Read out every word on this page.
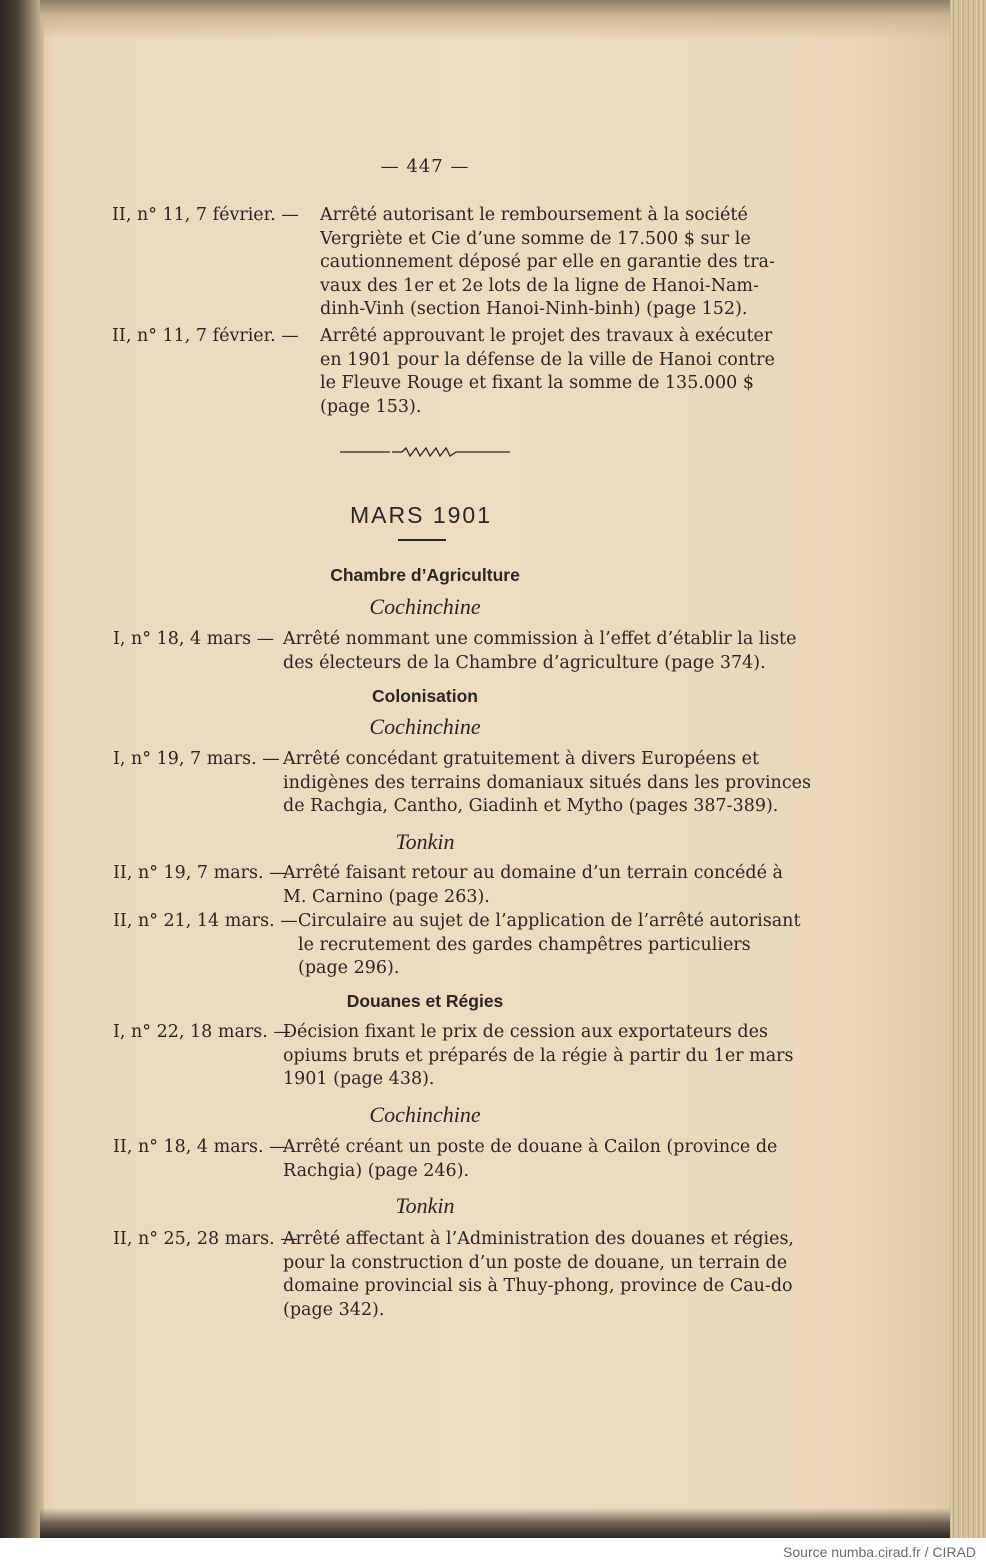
— 447 —
II, n° 11, 7 février. — Arrêté autorisant le remboursement à la société
Vergriète et Cie d’une somme de 17.500 $ sur le
cautionnement déposé par elle en garantie des tra-
vaux des 1er et 2e lots de la ligne de Hanoi-Nam-
dinh-Vinh (section Hanoi-Ninh-binh) (page 152).
II, n° 11, 7 février. — Arrêté approuvant le projet des travaux à exécuter
en 1901 pour la défense de la ville de Hanoi contre
le Fleuve Rouge et fixant la somme de 135.000 $
(page 153).
MARS 1901
Chambre d’Agriculture
Cochinchine
I, n° 18, 4 mars — Arrêté nommant une commission à l’effet d’établir la liste
des électeurs de la Chambre d’agriculture (page 374).
Colonisation
Cochinchine
I, n° 19, 7 mars. — Arrêté concédant gratuitement à divers Européens et
indigènes des terrains domaniaux situés dans les provinces
de Rachgia, Cantho, Giadinh et Mytho (pages 387-389).
Tonkin
II, n° 19, 7 mars. —
Arrêté faisant retour au domaine d’un terrain concédé à
M. Carnino (page 263).
II, n° 21, 14 mars. — Circulaire au sujet de l’application de l’arrêté autorisant
le recrutement des gardes champêtres particuliers
(page 296).
Douanes et Régies
I, n° 22, 18 mars. —
Décision fixant le prix de cession aux exportateurs des
opiums bruts et préparés de la régie à partir du 1er mars
1901 (page 438).
Cochinchine
II, n° 18, 4 mars. —
Arrêté créant un poste de douane à Cailon (province de
Rachgia) (page 246).
Tonkin
II, n° 25, 28 mars. —
Arrêté affectant à l’Administration des douanes et régies,
pour la construction d’un poste de douane, un terrain de
domaine provincial sis à Thuy-phong, province de Cau-do
(page 342).
Source numba.cirad.fr / CIRAD
